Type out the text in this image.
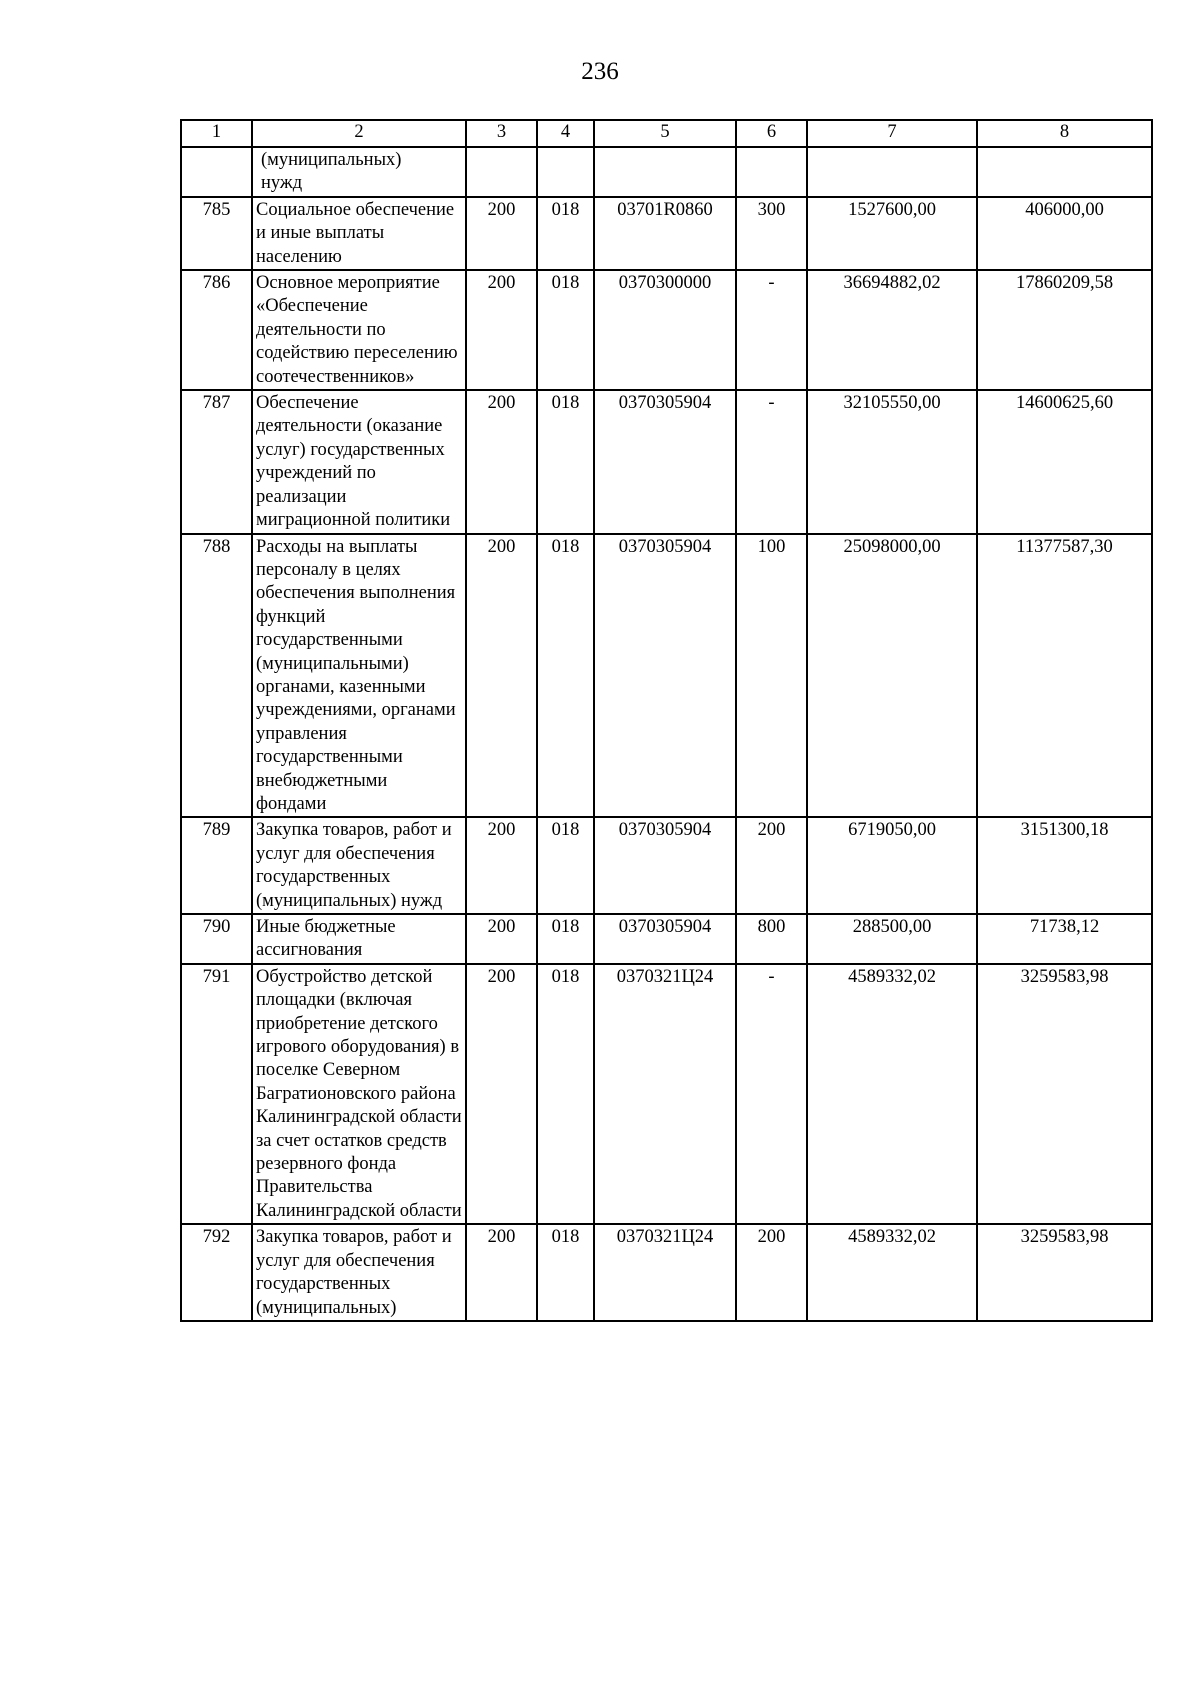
236
1	2	3	4	5	6	7	8
	(муниципальных) нужд						
785	Социальное обеспечение и иные выплаты населению	200	018	03701R0860	300	1527600,00	406000,00
786	Основное мероприятие «Обеспечение деятельности по содействию переселению соотечественников»	200	018	0370300000	-	36694882,02	17860209,58
787	Обеспечение деятельности (оказание услуг) государственных учреждений по реализации миграционной политики	200	018	0370305904	-	32105550,00	14600625,60
788	Расходы на выплаты персоналу в целях обеспечения выполнения функций государственными (муниципальными) органами, казенными учреждениями, органами управления государственными внебюджетными фондами	200	018	0370305904	100	25098000,00	11377587,30
789	Закупка товаров, работ и услуг для обеспечения государственных (муниципальных) нужд	200	018	0370305904	200	6719050,00	3151300,18
790	Иные бюджетные ассигнования	200	018	0370305904	800	288500,00	71738,12
791	Обустройство детской площадки (включая приобретение детского игрового оборудования) в поселке Северном Багратионовского района Калининградской области за счет остатков средств резервного фонда Правительства Калининградской области	200	018	0370321Ц24	-	4589332,02	3259583,98
792	Закупка товаров, работ и услуг для обеспечения государственных (муниципальных)	200	018	0370321Ц24	200	4589332,02	3259583,98
